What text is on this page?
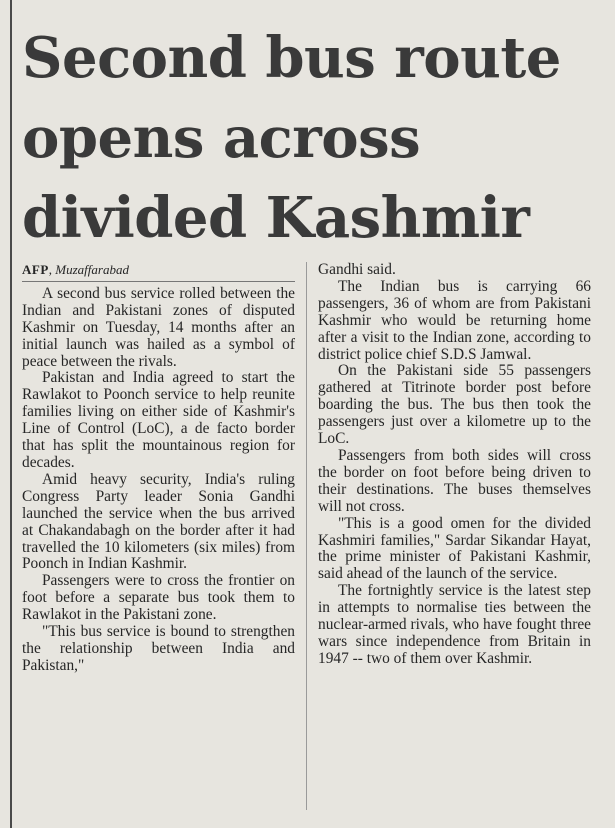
Second bus route
opens across
divided Kashmir
AFP, Muzaffarabad

A second bus service rolled between the Indian and Pakistani zones of disputed Kashmir on Tuesday, 14 months after an initial launch was hailed as a symbol of peace between the rivals.

Pakistan and India agreed to start the Rawlakot to Poonch service to help reunite families living on either side of Kashmir's Line of Control (LoC), a de facto border that has split the mountainous region for decades.

Amid heavy security, India's ruling Congress Party leader Sonia Gandhi launched the service when the bus arrived at Chakandabagh on the border after it had travelled the 10 kilometers (six miles) from Poonch in Indian Kashmir.

Passengers were to cross the frontier on foot before a separate bus took them to Rawlakot in the Pakistani zone.

"This bus service is bound to strengthen the relationship between India and Pakistan,"

Gandhi said.

The Indian bus is carrying 66 passengers, 36 of whom are from Pakistani Kashmir who would be returning home after a visit to the Indian zone, according to district police chief S.D.S Jamwal.

On the Pakistani side 55 passengers gathered at Titrinote border post before boarding the bus. The bus then took the passengers just over a kilometre up to the LoC.

Passengers from both sides will cross the border on foot before being driven to their destinations. The buses themselves will not cross.

"This is a good omen for the divided Kashmiri families," Sardar Sikandar Hayat, the prime minister of Pakistani Kashmir, said ahead of the launch of the service.

The fortnightly service is the latest step in attempts to normalise ties between the nuclear-armed rivals, who have fought three wars since independence from Britain in 1947 -- two of them over Kashmir.
